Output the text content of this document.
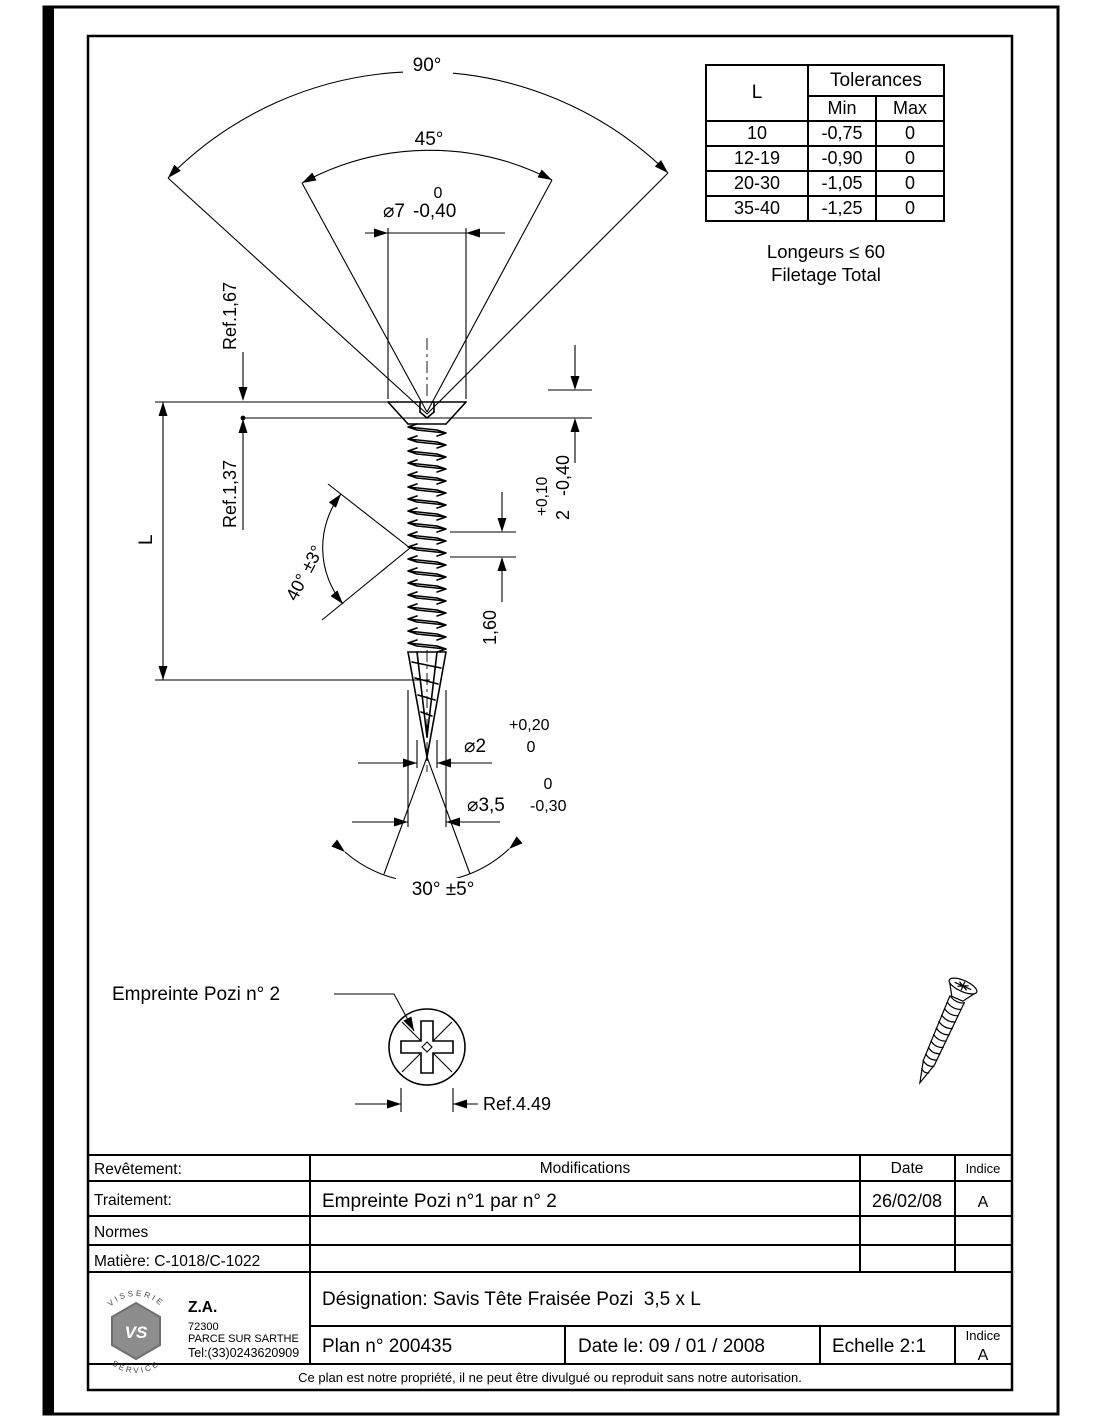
90°
45°
⌀7
0
-0,40
Ref.1,67
Ref.1,37
L
+0,10 2
-0,40
1,60
40° ±3°
30° ±5°
+0,20
⌀2	0
0
⌀3,5 -0,30
Empreinte Pozi n° 2
Ref.4.49
Revêtement:	Modifications	Date	Indice
Traitement:	Empreinte Pozi n°1 par n° 2	26/02/08 A
Normes
Matière: C-1018/C-1022
Désignation: Savis Tête Fraisée Pozi  3,5 x L
Plan n° 200435	Date le: 09 / 01 / 2008	Echelle 2:1
Indice
A
Ce plan est notre propriété, il ne peut être divulgué ou reproduit sans notre autorisation.
VS
VISSERIE
SERVICE
Z.A.
72300
PARCE SUR SARTHE
Tel:(33)0243620909
L	Tolerances	
	Min	Max
10	-0,75	0
12-19	-0,90	0
20-30	-1,05	0
35-40	-1,25	0
Longeurs ≤ 60
Filetage Total
